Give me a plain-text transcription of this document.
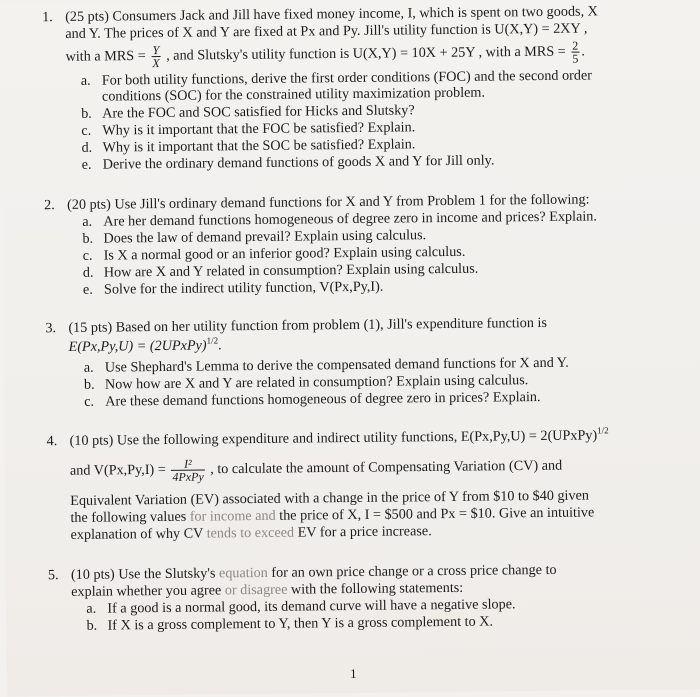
1. (25 pts) Consumers Jack and Jill have fixed money income, I, which is spent on two goods, X
and Y. The prices of X and Y are fixed at Px and Py. Jill's utility function is U(X,Y) = 2XY ,
with a MRS = $\frac{Y}{X}$ , and Slutsky's utility function is U(X,Y) = 10X + 25Y , with a MRS = $\frac{2}{5}$ .
a. For both utility functions, derive the first order conditions (FOC) and the second order
conditions (SOC) for the constrained utility maximization problem.
b. Are the FOC and SOC satisfied for Hicks and Slutsky?
c. Why is it important that the FOC be satisfied? Explain.
d. Why is it important that the SOC be satisfied? Explain.
e. Derive the ordinary demand functions of goods X and Y for Jill only.
2. (20 pts) Use Jill's ordinary demand functions for X and Y from Problem 1 for the following:
a. Are her demand functions homogeneous of degree zero in income and prices? Explain.
b. Does the law of demand prevail? Explain using calculus.
c. Is X a normal good or an inferior good? Explain using calculus.
d. How are X and Y related in consumption? Explain using calculus.
e. Solve for the indirect utility function, V(Px,Py,I).
3. (15 pts) Based on her utility function from problem (1), Jill's expenditure function is
E(Px,Py,U) = (2UPxPy)$^{1/2}$.
a. Use Shephard's Lemma to derive the compensated demand functions for X and Y.
b. Now how are X and Y are related in consumption? Explain using calculus.
c. Are these demand functions homogeneous of degree zero in prices? Explain.
4. (10 pts) Use the following expenditure and indirect utility functions, E(Px,Py,U) = 2(UPxPy)$^{1/2}$
and $V(Px,Py,I) = \frac{\text{I²}}{\text{4PxPy}}$ , to calculate the amount of Compensating Variation (CV) and
Equivalent Variation (EV) associated with a change in the price of Y from $10 to $40 given
the following values for income and the price of X, I = $500 and Px = $10. Give an intuitive
explanation of why CV tends to exceed EV for a price increase.
5. (10 pts) Use the Slutsky's equation for an own price change or a cross price change to
explain whether you agree or disagree with the following statements:
a. If a good is a normal good, its demand curve will have a negative slope.
b. If X is a gross complement to Y, then Y is a gross complement to X.
1
